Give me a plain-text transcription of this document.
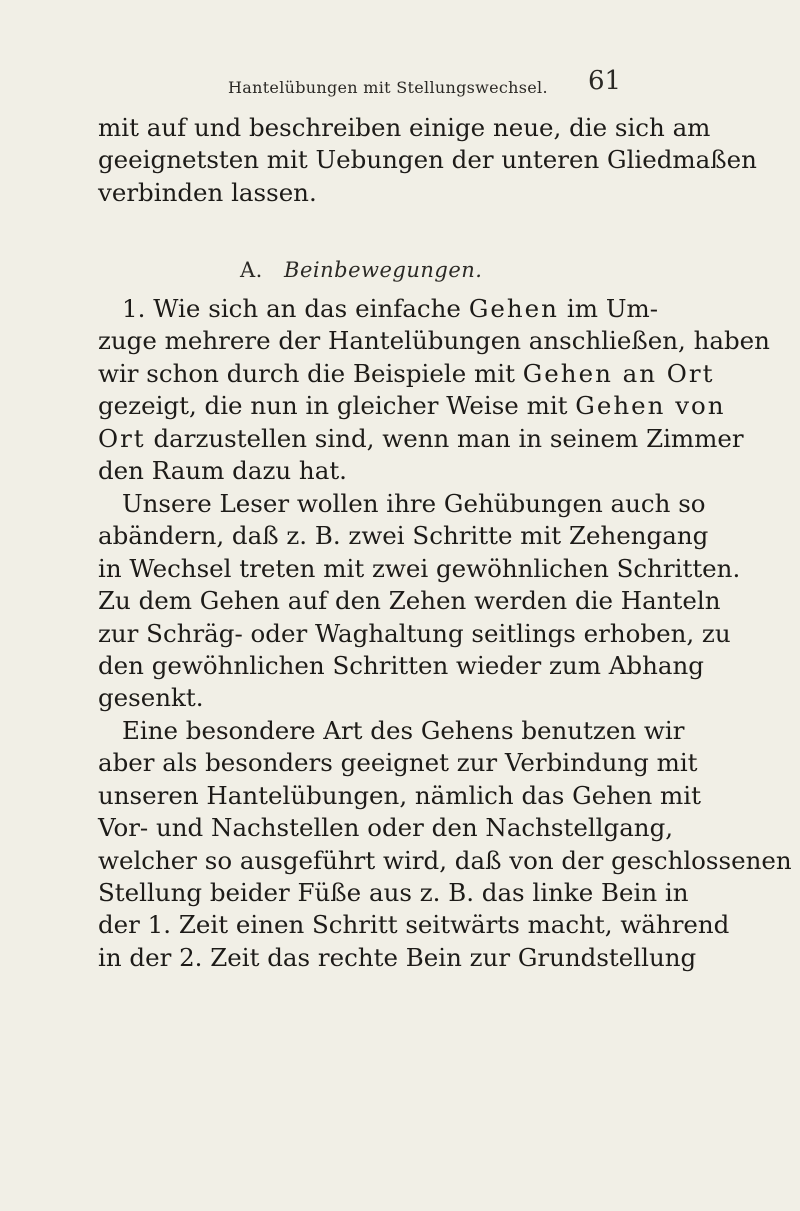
Hantelübungen mit Stellungswechsel. 61
mit auf und beschreiben einige neue, die sich am
geeignetsten mit Uebungen der unteren Gliedmaßen
verbinden lassen.
A. Beinbewegungen.
1. Wie sich an das einfache Gehen im Um-
zuge mehrere der Hantelübungen anschließen, haben
wir schon durch die Beispiele mit Gehen an Ort
gezeigt, die nun in gleicher Weise mit Gehen von
Ort darzustellen sind, wenn man in seinem Zimmer
den Raum dazu hat.
Unsere Leser wollen ihre Gehübungen auch so
abändern, daß z. B. zwei Schritte mit Zehengang
in Wechsel treten mit zwei gewöhnlichen Schritten.
Zu dem Gehen auf den Zehen werden die Hanteln
zur Schräg- oder Waghaltung seitlings erhoben, zu
den gewöhnlichen Schritten wieder zum Abhang
gesenkt.
Eine besondere Art des Gehens benutzen wir
aber als besonders geeignet zur Verbindung mit
unseren Hantelübungen, nämlich das Gehen mit
Vor- und Nachstellen oder den Nachstellgang,
welcher so ausgeführt wird, daß von der geschlossenen
Stellung beider Füße aus z. B. das linke Bein in
der 1. Zeit einen Schritt seitwärts macht, während
in der 2. Zeit das rechte Bein zur Grundstellung
